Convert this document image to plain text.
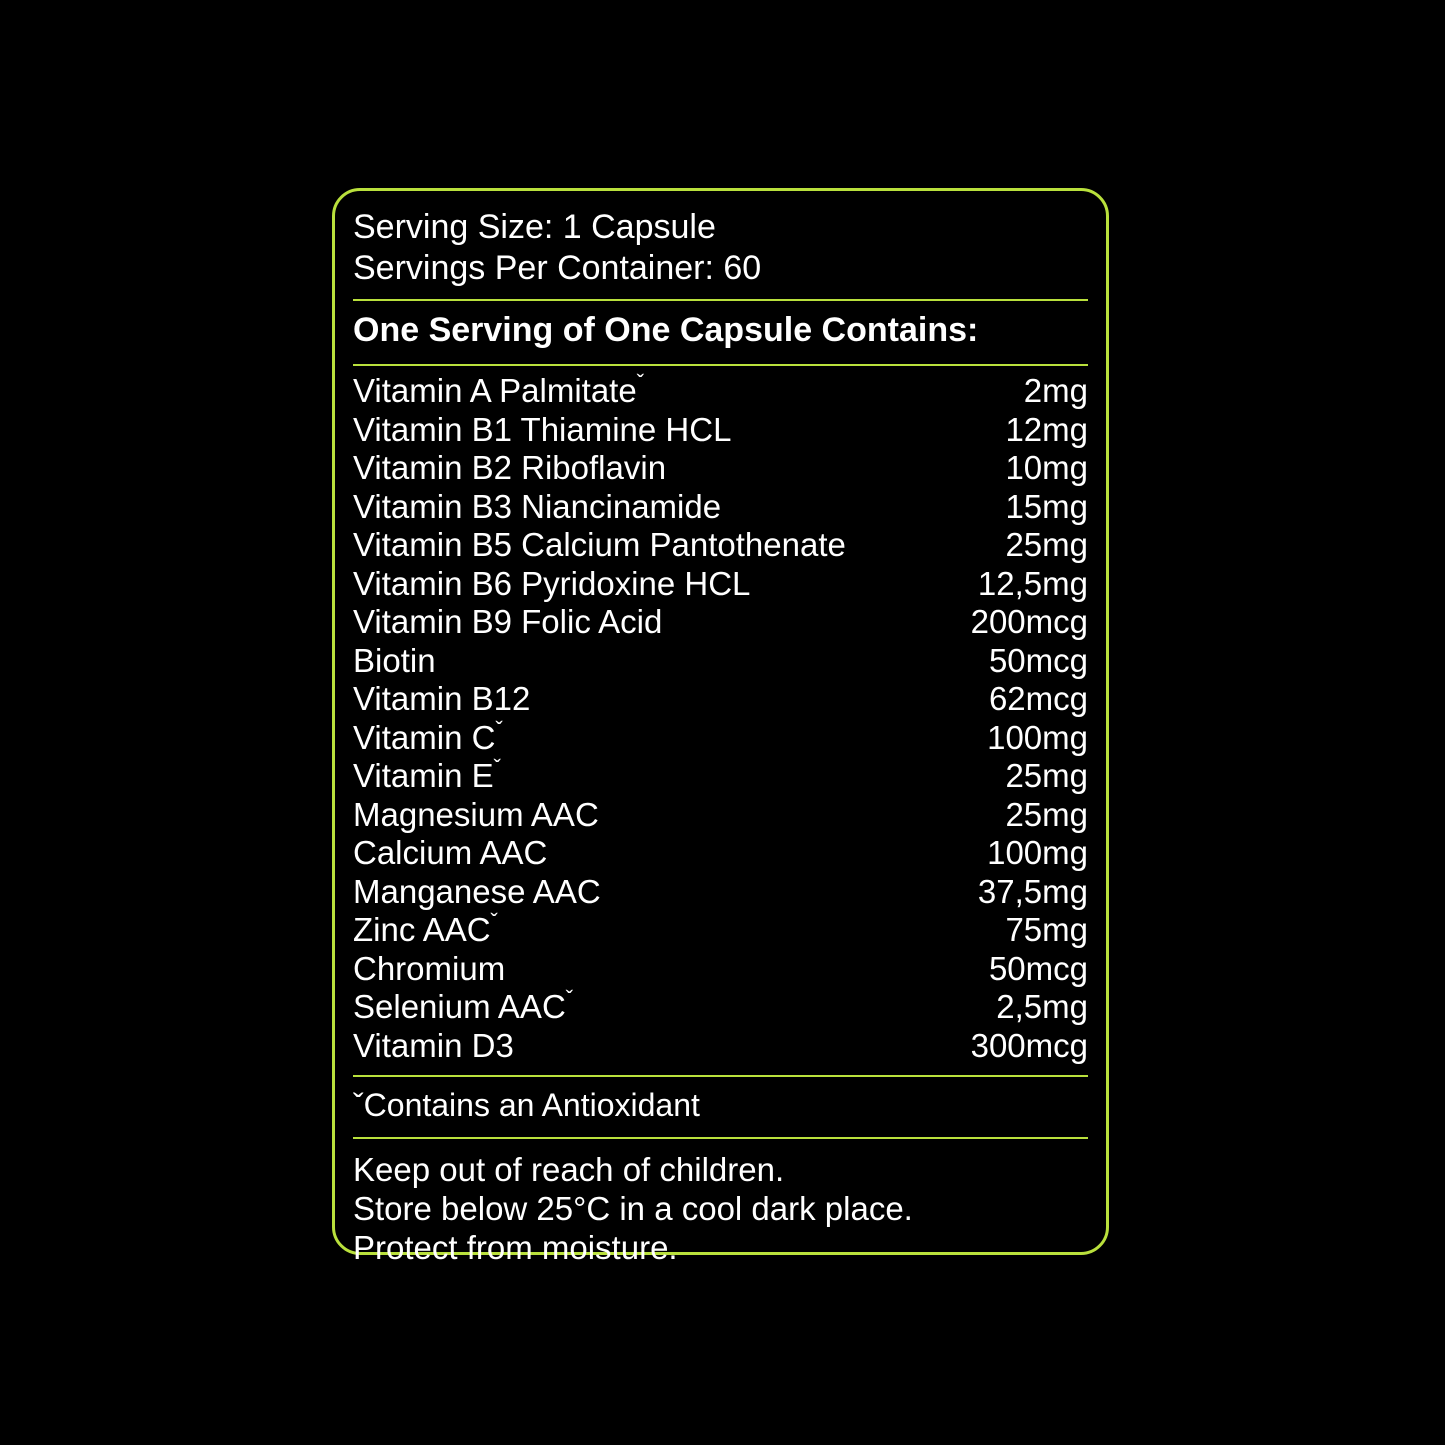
Serving Size: 1 Capsule
Servings Per Container: 60
One Serving of One Capsule Contains:
Vitamin A Palmitate$^ˇ$	2mg
Vitamin B1 Thiamine HCL	12mg
Vitamin B2 Riboflavin	10mg
Vitamin B3 Niancinamide	15mg
Vitamin B5 Calcium Pantothenate	25mg
Vitamin B6 Pyridoxine HCL	12,5mg
Vitamin B9 Folic Acid	200mcg
Biotin	50mcg
Vitamin B12	62mcg
Vitamin $C^ˇ$	100mg
Vitamin $E^ˇ$	25mg
Magnesium AAC	25mg
Calcium AAC	100mg
Manganese AAC	37,5mg
Zinc $AAC^ˇ$	75mg
Chromium	50mcg
Selenium $AAC^ˇ$	2,5mg
Vitamin D3	300mcg
ˇContains an Antioxidant
Keep out of reach of children.
Store below 25°C in a cool dark place.
Protect from moisture.
